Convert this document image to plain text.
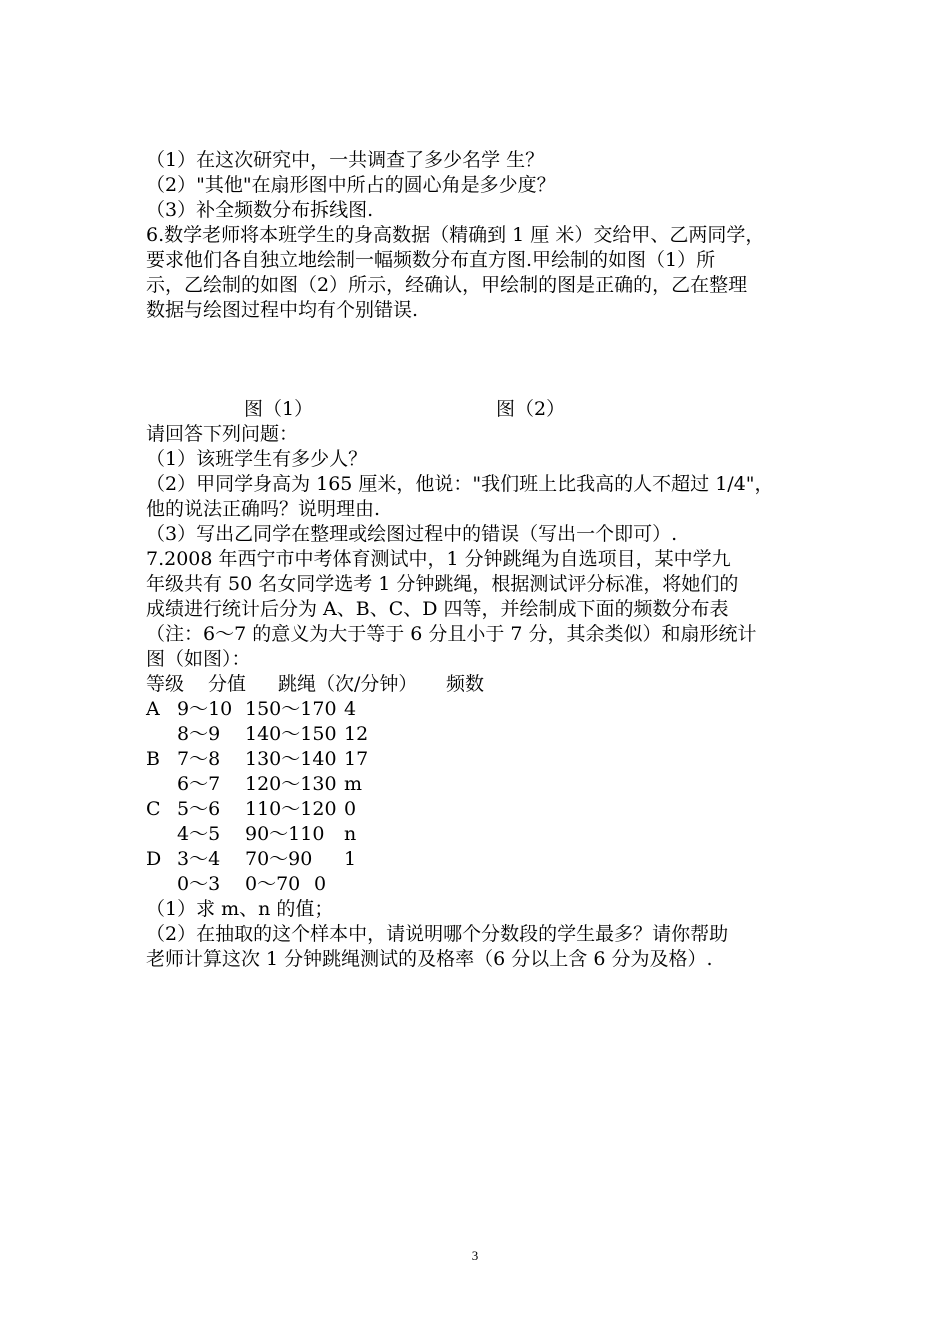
（1）在这次研究中，一共调查了多少名学 生？
（2）"其他"在扇形图中所占的圆心角是多少度？
（3）补全频数分布拆线图.
6.数学老师将本班学生的身高数据（精确到 1 厘 米）交给甲、乙两同学，
要求他们各自独立地绘制一幅频数分布直方图.甲绘制的如图（1）所
示，乙绘制的如图（2）所示，经确认，甲绘制的图是正确的，乙在整理
数据与绘图过程中均有个别错误.
图（1）	图（2）
请回答下列问题：
（1）该班学生有多少人？
（2）甲同学身高为 165 厘米，他说："我们班上比我高的人不超过 1/4"，
他的说法正确吗？说明理由.
（3）写出乙同学在整理或绘图过程中的错误（写出一个即可）.
7.2008 年西宁市中考体育测试中，1 分钟跳绳为自选项目，某中学九
年级共有 50 名女同学选考 1 分钟跳绳，根据测试评分标准，将她们的
成绩进行统计后分为 A、B、C、D 四等，并绘制成下面的频数分布表
（注：6～7 的意义为大于等于 6 分且小于 7 分，其余类似）和扇形统计
图（如图）：
等级 分值 跳绳（次/分钟） 频数
A 9～10 150～170 4
8～9 140～150 12
B 7～8 130～140 17
6～7 120～130 m
C 5～6 110～120 0
4～5 90～110 n
D 3～4 70～90 1
0～3 0～70 0
（1）求 m、n 的值；
（2）在抽取的这个样本中，请说明哪个分数段的学生最多？请你帮助
老师计算这次 1 分钟跳绳测试的及格率（6 分以上含 6 分为及格）.
3
